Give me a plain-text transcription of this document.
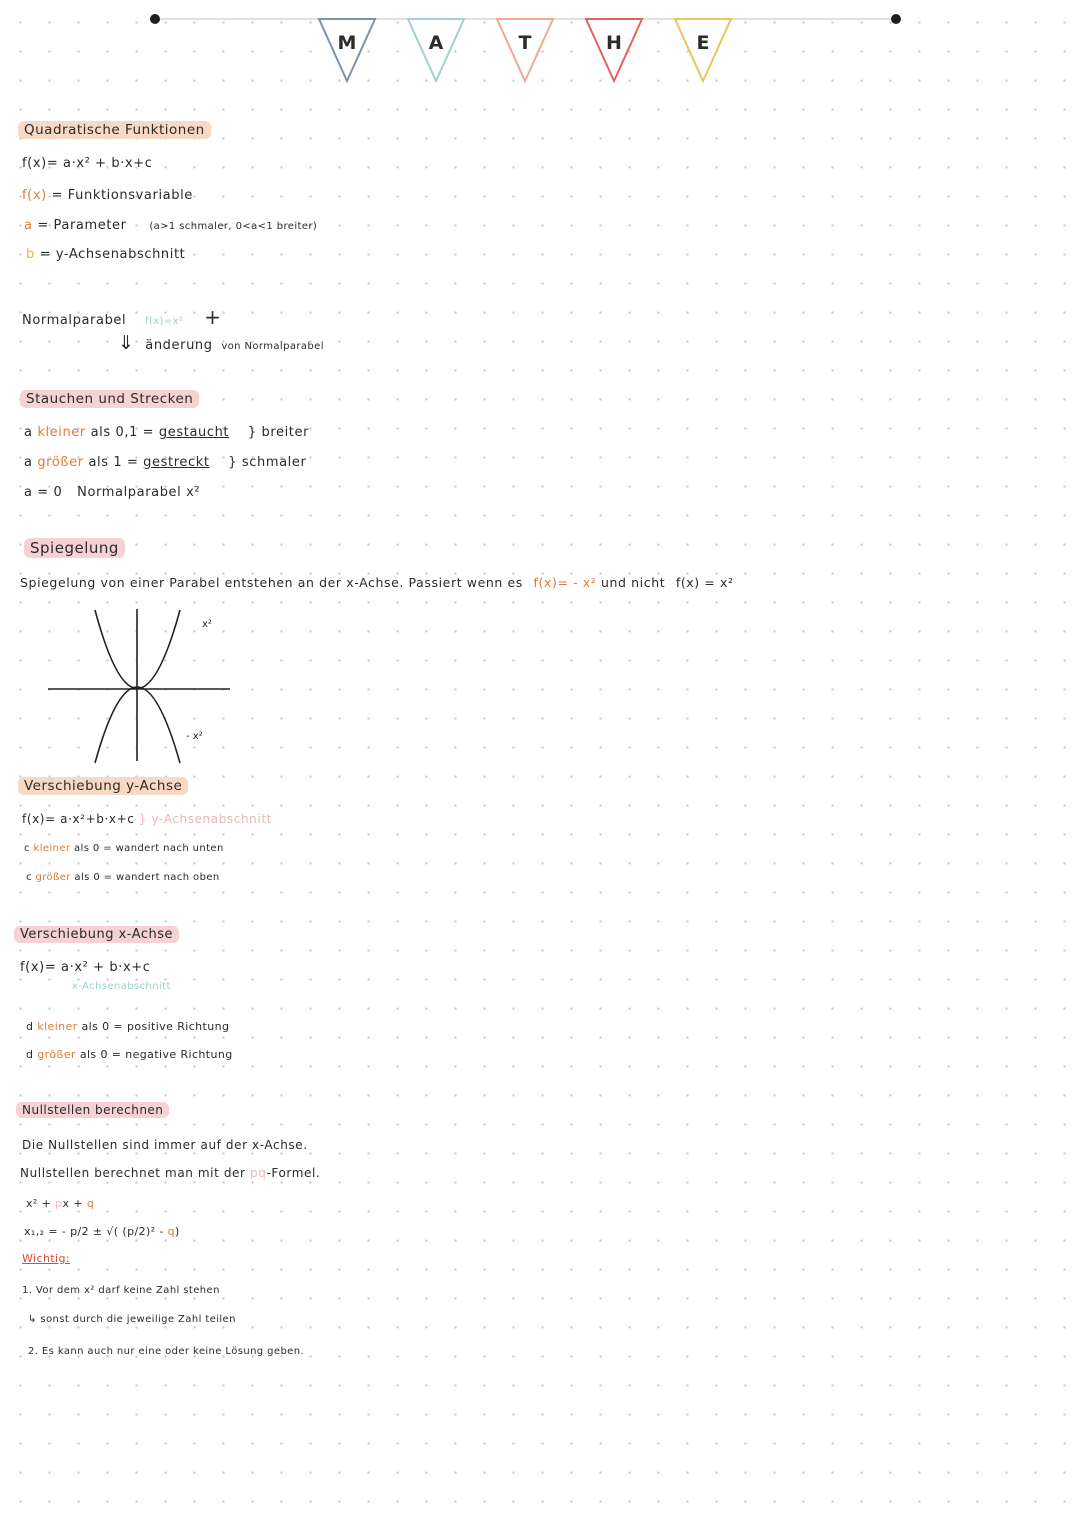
M	A	T	H	E
Quadratische Funktionen
f(x)= a·x² + b·x+c
f(x) = Funktionsvariable
a = Parameter (a>1 schmaler, 0<a<1 breiter)
b = y-Achsenabschnitt
Normalparabel f(x)=x² +
⇓ änderung von Normalparabel
Stauchen und Strecken
a kleiner als 0,1 = gestaucht } breiter
a größer als 1 = gestreckt } schmaler
a = 0 Normalparabel x²
Spiegelung
Spiegelung von einer Parabel entstehen an der x-Achse. Passiert wenn es f(x)= - x² und nicht f(x) = x²
x²
- x²
Verschiebung y-Achse
f(x)= a·x²+b·x+c } y-Achsenabschnitt
c kleiner als 0 = wandert nach unten
c größer als 0 = wandert nach oben
Verschiebung x-Achse
f(x)= a·x² + b·x+c
x-Achsenabschnitt
d kleiner als 0 = positive Richtung
d größer als 0 = negative Richtung
Nullstellen berechnen
Die Nullstellen sind immer auf der x-Achse.
Nullstellen berechnet man mit der pq-Formel.
x² + px + q
x₁,₂ = - p/2 ± √( (p/2)² - q)
Wichtig:
1. Vor dem x² darf keine Zahl stehen
↳ sonst durch die jeweilige Zahl teilen
2. Es kann auch nur eine oder keine Lösung geben.
